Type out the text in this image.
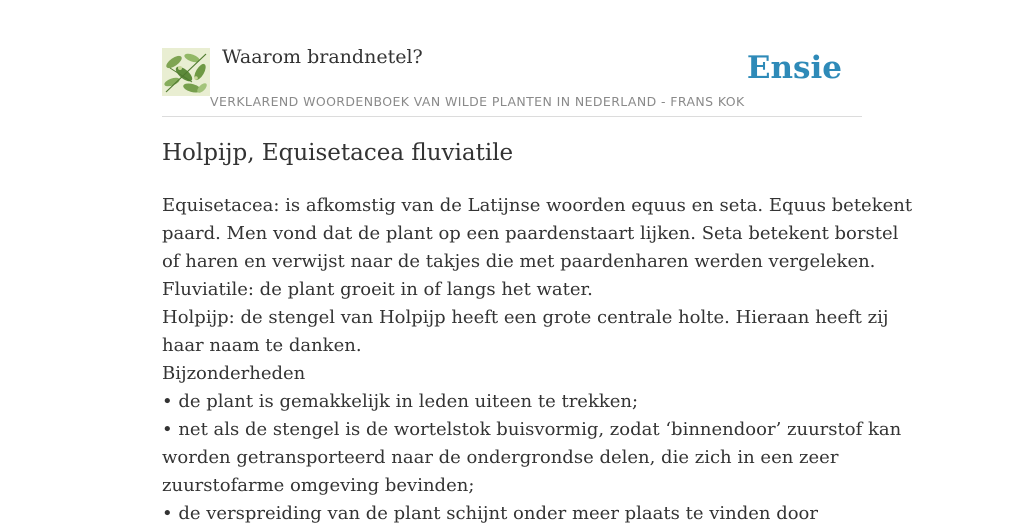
Waarom brandnetel?	Ensie
VERKLAREND WOORDENBOEK VAN WILDE PLANTEN IN NEDERLAND - FRANS KOK
Holpijp, Equisetacea fluviatile
Equisetacea: is afkomstig van de Latijnse woorden equus en seta. Equus betekent
paard. Men vond dat de plant op een paardenstaart lijken. Seta betekent borstel
of haren en verwijst naar de takjes die met paardenharen werden vergeleken.
Fluviatile: de plant groeit in of langs het water.
Holpijp: de stengel van Holpijp heeft een grote centrale holte. Hieraan heeft zij
haar naam te danken.
Bijzonderheden
• de plant is gemakkelijk in leden uiteen te trekken;
• net als de stengel is de wortelstok buisvormig, zodat ‘binnendoor’ zuurstof kan
worden getransporteerd naar de ondergrondse delen, die zich in een zeer
zuurstofarme omgeving bevinden;
• de verspreiding van de plant schijnt onder meer plaats te vinden door
